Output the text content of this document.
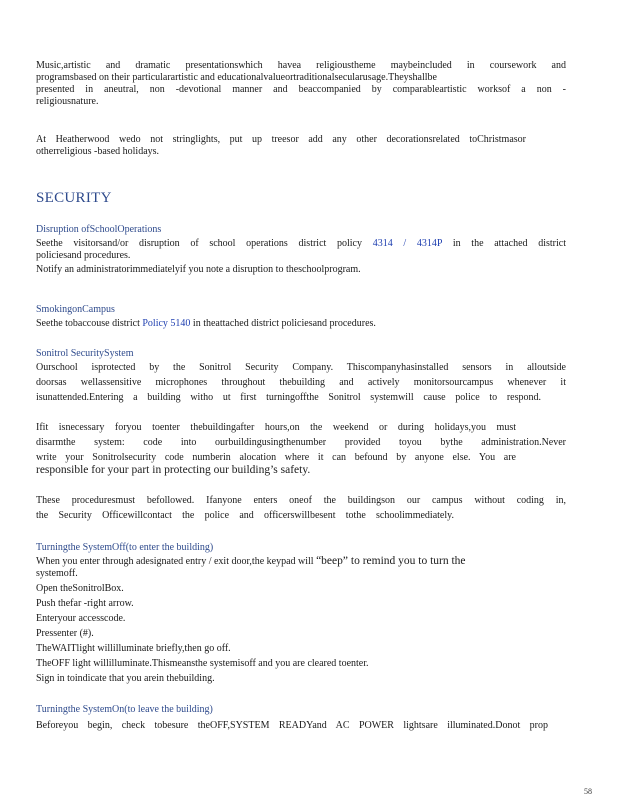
Music,artistic and dramatic presentationswhich havea religioustheme maybeincluded in coursework and
programsbased on their particularartistic and educationalvalueortraditionalsecularusage.Theyshallbe
presented in aneutral, non -devotional manner and beaccompanied by comparableartistic worksof a non -
religiousnature.
At Heatherwood wedo not stringlights, put up treesor add any other decorationsrelated toChristmasor
otherreligious -based holidays.
SECURITY
Disruption ofSchoolOperations
Seethe visitorsand/or disruption of school operations district policy 4314 / 4314P in the attached district
policiesand procedures.
Notify an administratorimmediatelyif you note a disruption to theschoolprogram.
SmokingonCampus
Seethe tobaccouse district Policy 5140 in theattached district policiesand procedures.
Sonitrol SecuritySystem
Ourschool isprotected by the Sonitrol Security Company. Thiscompanyhasinstalled sensors in alloutside
doorsas wellassensitive microphones throughout thebuilding and actively monitorsourcampus whenever it
isunattended.Entering a building witho ut first turningoffthe Sonitrol systemwill cause police to respond.
Ifit isnecessary foryou toenter thebuildingafter hours,on the weekend or during holidays,you must
disarmthe system: code into ourbuildingusingthenumber provided toyou bythe administration.Never
write your Sonitrolsecurity code numberin alocation where it can befound by anyone else. You are
responsible for your part in protecting our building’s safety.
These proceduresmust befollowed. Ifanyone enters oneof the buildingson our campus without coding in,
the Security Officewillcontact the police and officerswillbesent tothe schoolimmediately.
Turningthe SystemOff(to enter the building)
When you enter through adesignated entry / exit door,the keypad will “beep” to remind you to turn the
systemoff.
Open theSonitrolBox.
Push thefar -right arrow.
Enteryour accesscode.
Pressenter (#).
TheWAITlight willilluminate briefly,then go off.
TheOFF light willilluminate.Thismeansthe systemisoff and you are cleared toenter.
Sign in toindicate that you arein thebuilding.
Turningthe SystemOn(to leave the building)
Beforeyou begin, check tobesure theOFF,SYSTEM READYand AC POWER lightsare illuminated.Donot prop
58
